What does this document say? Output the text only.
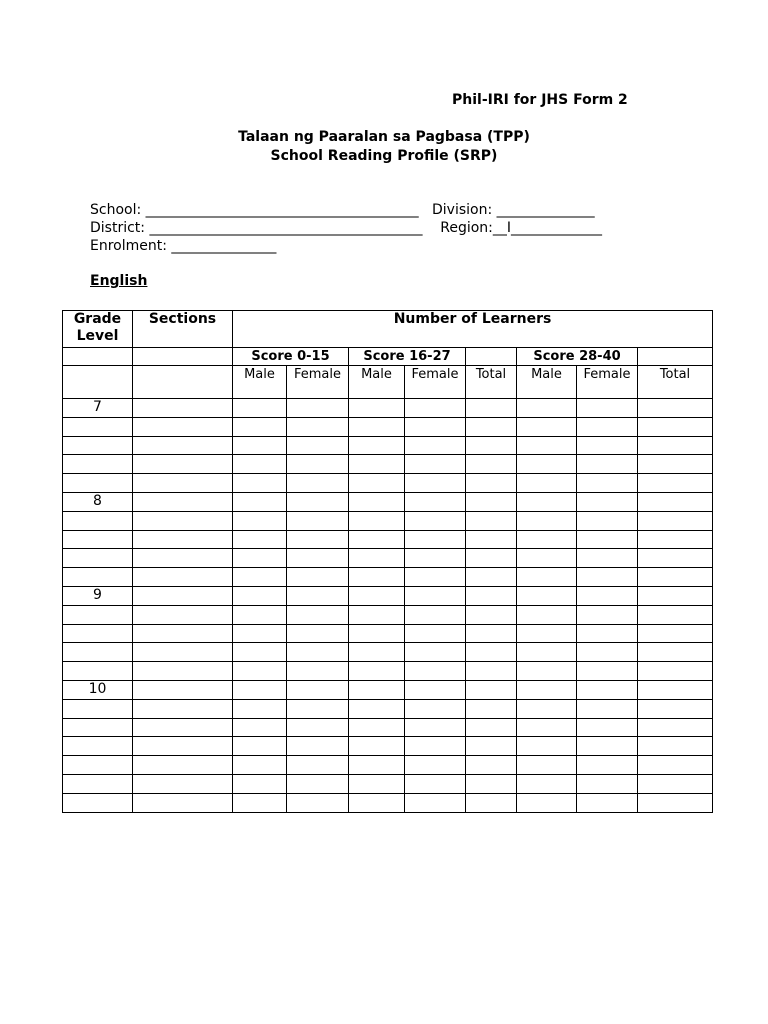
Phil-IRI for JHS Form 2
Talaan ng Paaralan sa Pagbasa (TPP)
School Reading Profile (SRP)
School: _______________________________________   Division: ______________
District: _______________________________________    Region:__I_____________
Enrolment: _______________
English
Grade Level	Sections	Number of Learners							
		Score 0-15		Score 16-27			Score 28-40		
		Male	Female	Male	Female	Total	Male	Female	Total
7									

8									

9									

10									
